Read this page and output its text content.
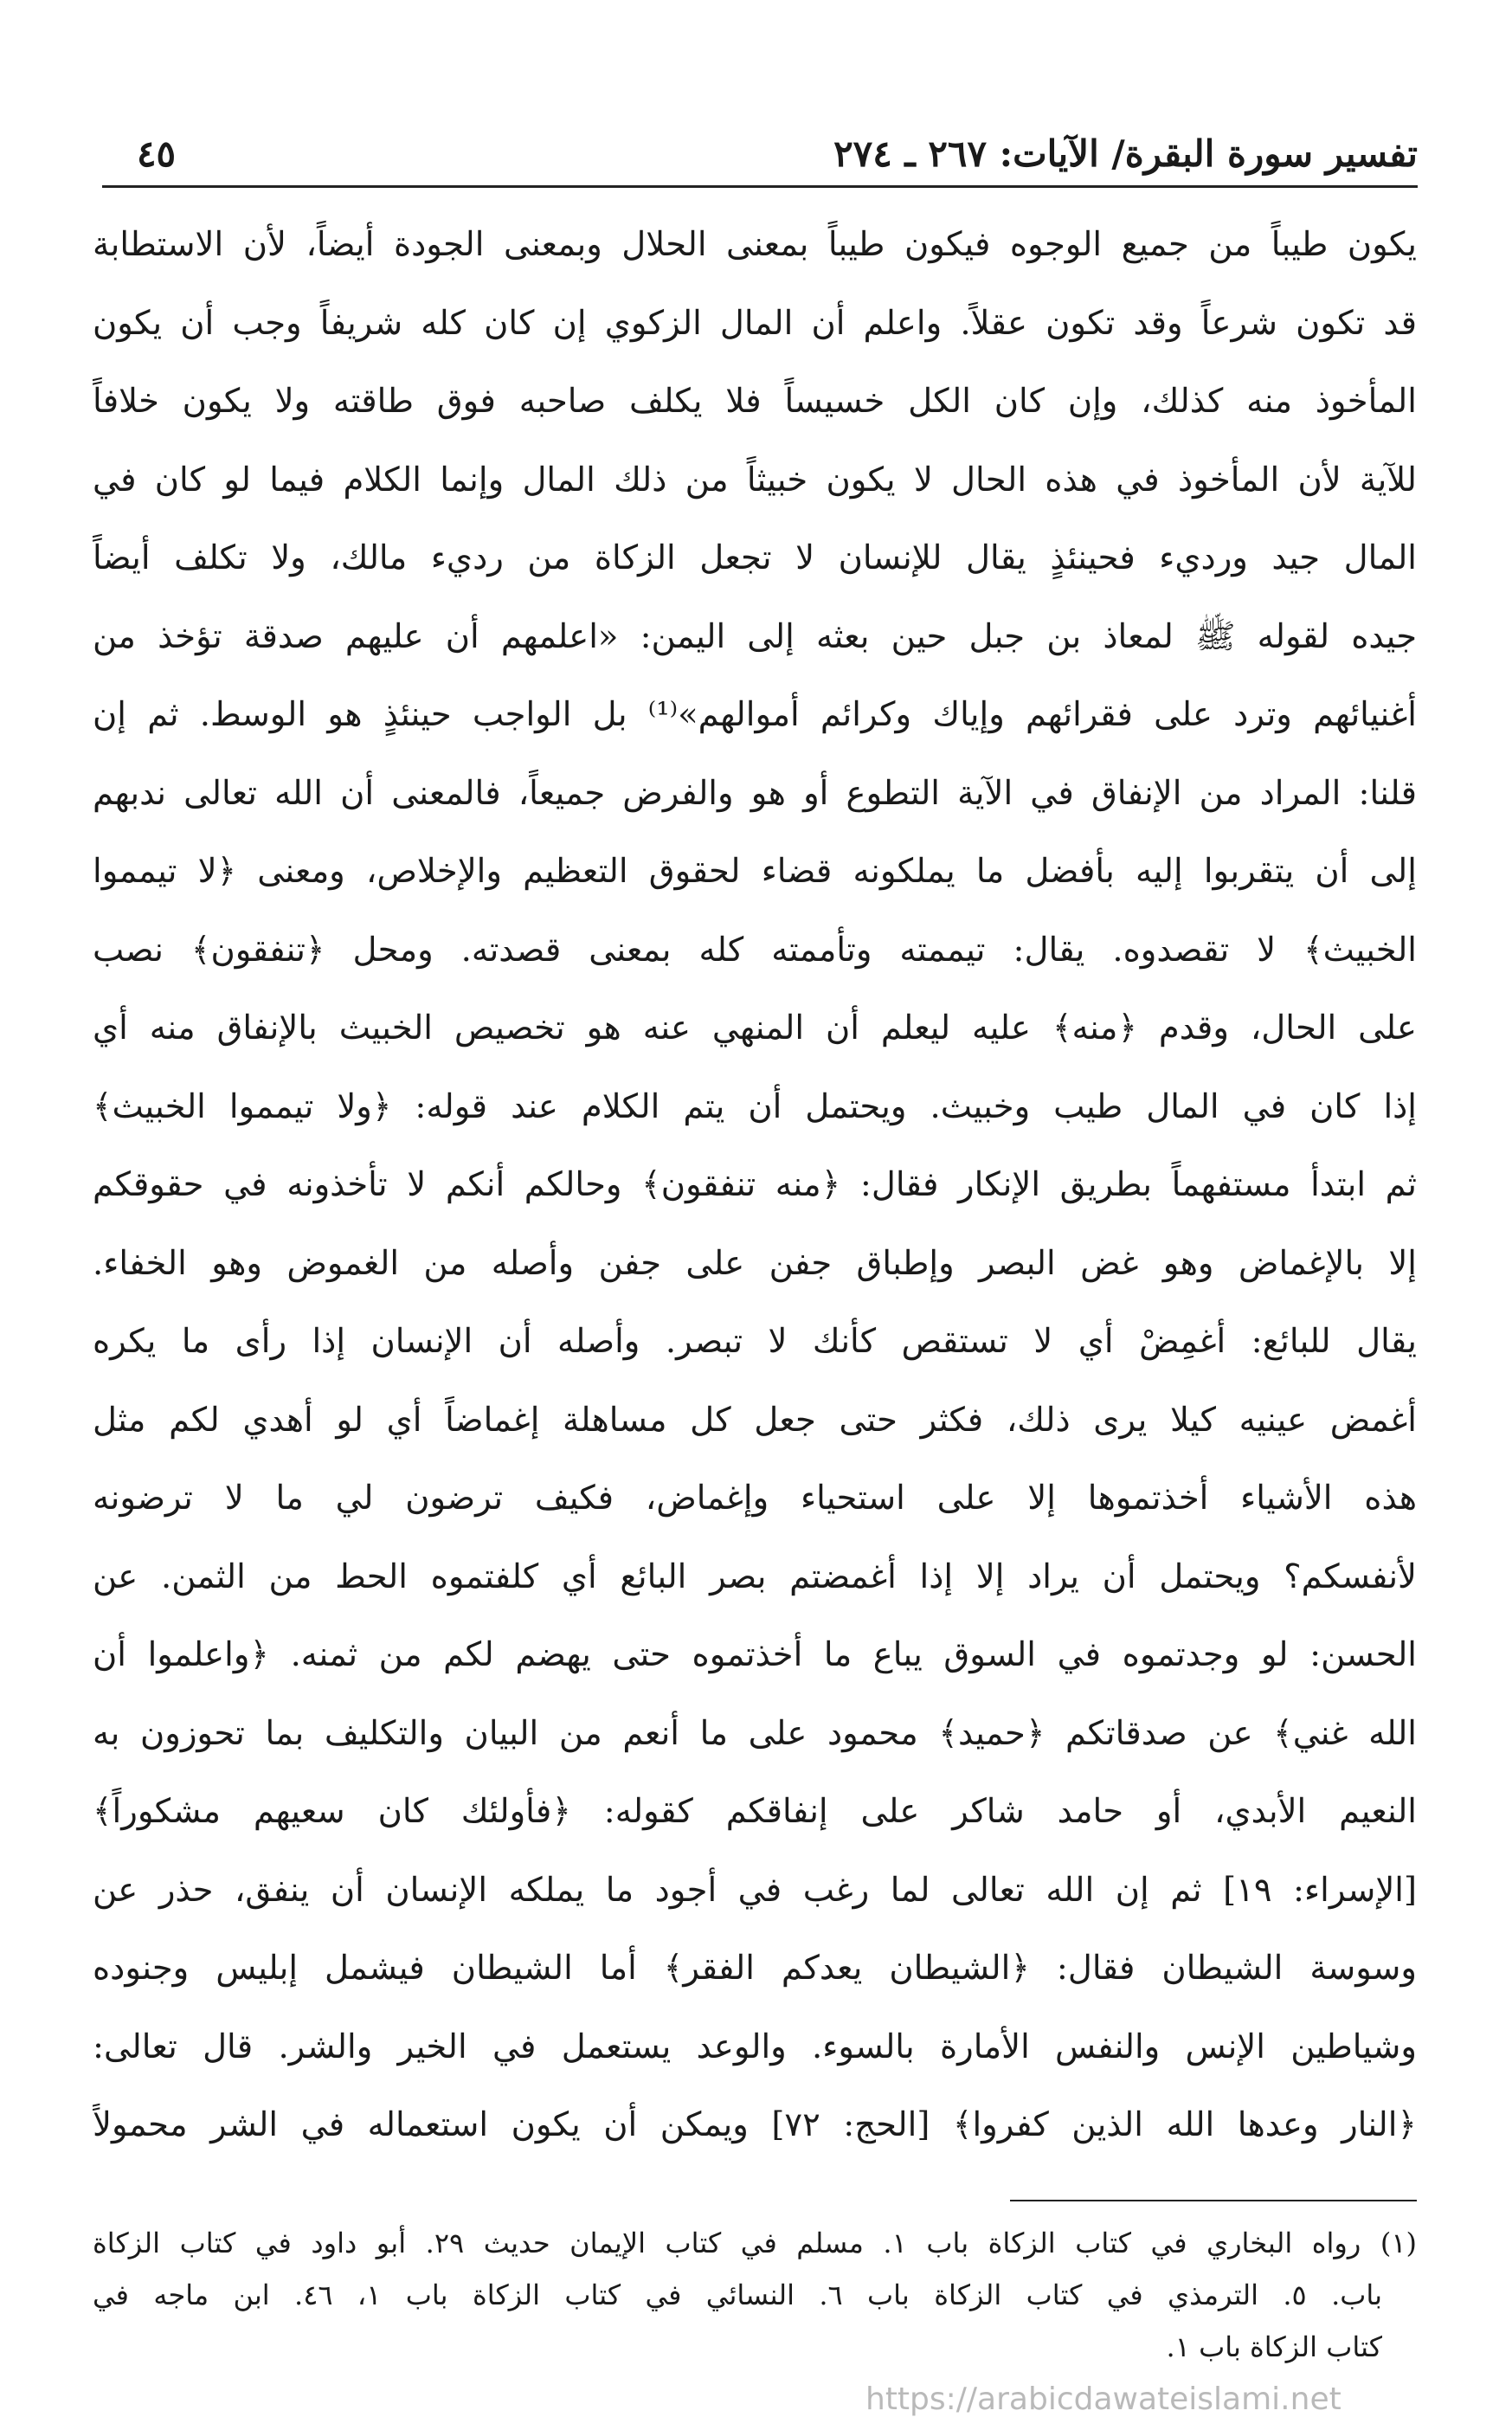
تفسير سورة البقرة/ الآيات: ٢٦٧ ـ ٢٧٤
٤٥
يكون طيباً من جميع الوجوه فيكون طيباً بمعنى الحلال وبمعنى الجودة أيضاً، لأن الاستطابة
قد تكون شرعاً وقد تكون عقلاً. واعلم أن المال الزكوي إن كان كله شريفاً وجب أن يكون
المأخوذ منه كذلك، وإن كان الكل خسيساً فلا يكلف صاحبه فوق طاقته ولا يكون خلافاً
للآية لأن المأخوذ في هذه الحال لا يكون خبيثاً من ذلك المال وإنما الكلام فيما لو كان في
المال جيد ورديء فحينئذٍ يقال للإنسان لا تجعل الزكاة من رديء مالك، ولا تكلف أيضاً
جيده لقوله ﷺ لمعاذ بن جبل حين بعثه إلى اليمن: «اعلمهم أن عليهم صدقة تؤخذ من
أغنيائهم وترد على فقرائهم وإياك وكرائم أموالهم»⁽¹⁾ بل الواجب حينئذٍ هو الوسط. ثم إن
قلنا: المراد من الإنفاق في الآية التطوع أو هو والفرض جميعاً، فالمعنى أن الله تعالى ندبهم
إلى أن يتقربوا إليه بأفضل ما يملكونه قضاء لحقوق التعظيم والإخلاص، ومعنى ﴿لا تيمموا
الخبيث﴾ لا تقصدوه. يقال: تيممته وتأممته كله بمعنى قصدته. ومحل ﴿تنفقون﴾ نصب
على الحال، وقدم ﴿منه﴾ عليه ليعلم أن المنهي عنه هو تخصيص الخبيث بالإنفاق منه أي
إذا كان في المال طيب وخبيث. ويحتمل أن يتم الكلام عند قوله: ﴿ولا تيمموا الخبيث﴾
ثم ابتدأ مستفهماً بطريق الإنكار فقال: ﴿منه تنفقون﴾ وحالكم أنكم لا تأخذونه في حقوقكم
إلا بالإغماض وهو غض البصر وإطباق جفن على جفن وأصله من الغموض وهو الخفاء.
يقال للبائع: أغمِضْ أي لا تستقص كأنك لا تبصر. وأصله أن الإنسان إذا رأى ما يكره
أغمض عينيه كيلا يرى ذلك، فكثر حتى جعل كل مساهلة إغماضاً أي لو أهدي لكم مثل
هذه الأشياء أخذتموها إلا على استحياء وإغماض، فكيف ترضون لي ما لا ترضونه
لأنفسكم؟ ويحتمل أن يراد إلا إذا أغمضتم بصر البائع أي كلفتموه الحط من الثمن. عن
الحسن: لو وجدتموه في السوق يباع ما أخذتموه حتى يهضم لكم من ثمنه. ﴿واعلموا أن
الله غني﴾ عن صدقاتكم ﴿حميد﴾ محمود على ما أنعم من البيان والتكليف بما تحوزون به
النعيم الأبدي، أو حامد شاكر على إنفاقكم كقوله: ﴿فأولئك كان سعيهم مشكوراً﴾
[الإسراء: ١٩] ثم إن الله تعالى لما رغب في أجود ما يملكه الإنسان أن ينفق، حذر عن
وسوسة الشيطان فقال: ﴿الشيطان يعدكم الفقر﴾ أما الشيطان فيشمل إبليس وجنوده
وشياطين الإنس والنفس الأمارة بالسوء. والوعد يستعمل في الخير والشر. قال تعالى:
﴿النار وعدها الله الذين كفروا﴾ [الحج: ٧٢] ويمكن أن يكون استعماله في الشر محمولاً
(١) رواه البخاري في كتاب الزكاة باب ١. مسلم في كتاب الإيمان حديث ٢٩. أبو داود في كتاب الزكاة
باب. ٥. الترمذي في كتاب الزكاة باب ٦. النسائي في كتاب الزكاة باب ١، ٤٦. ابن ماجه في
كتاب الزكاة باب ١.
https://arabicdawateislami.net
